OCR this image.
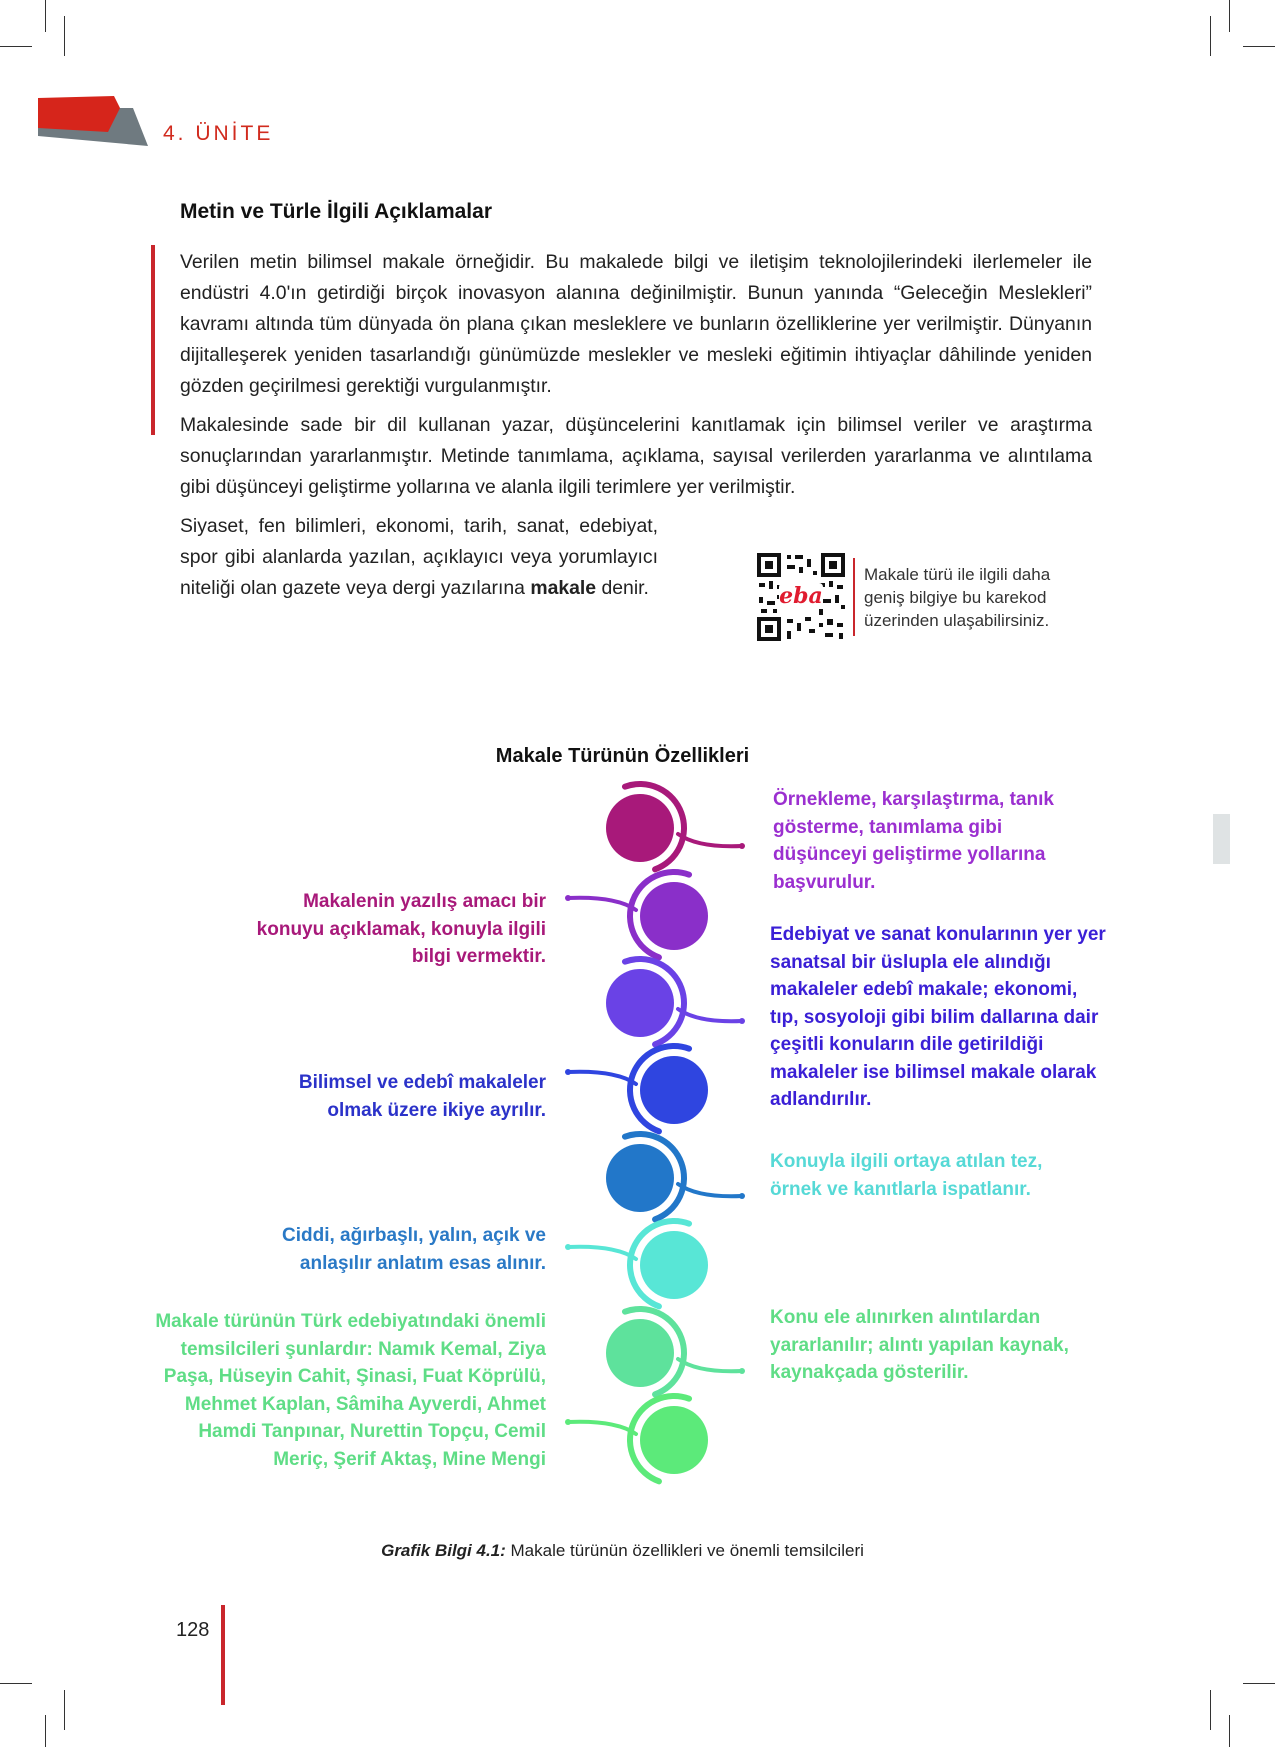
4. ÜNİTE
Metin ve Türle İlgili Açıklamalar
Verilen metin bilimsel makale örneğidir. Bu makalede bilgi ve iletişim teknolojilerindeki ilerlemeler ile endüstri 4.0'ın getirdiği birçok inovasyon alanına değinilmiştir. Bunun yanında “Geleceğin Meslekleri” kavramı altında tüm dünyada ön plana çıkan mesleklere ve bunların özelliklerine yer verilmiştir. Dünyanın dijitalleşerek yeniden tasarlandığı günümüzde meslekler ve mesleki eğitimin ihtiyaçlar dâhilinde yeniden gözden geçirilmesi gerektiği vurgulanmıştır.
Makalesinde sade bir dil kullanan yazar, düşüncelerini kanıtlamak için bilimsel veriler ve araştırma sonuçlarından yararlanmıştır. Metinde tanımlama, açıklama, sayısal verilerden yararlanma ve alıntılama gibi düşünceyi geliştirme yollarına ve alanla ilgili terimlere yer verilmiştir.
Siyaset, fen bilimleri, ekonomi, tarih, sanat, edebiyat, spor gibi alanlarda yazılan, açıklayıcı veya yorumlayıcı niteliği olan gazete veya dergi yazılarına makale denir.	eba
Makale türü ile ilgili daha geniş bilgiye bu karekod üzerinden ulaşabilirsiniz.
Makale Türünün Özellikleri
Örnekleme, karşılaştırma, tanık gösterme, tanımlama gibi düşünceyi geliştirme yollarına başvurulur.
Edebiyat ve sanat konularının yer yer sanatsal bir üslupla ele alındığı makaleler edebî makale; ekonomi, tıp, sosyoloji gibi bilim dallarına dair çeşitli konuların dile getirildiği makaleler ise bilimsel makale olarak adlandırılır.
Konuyla ilgili ortaya atılan tez, örnek ve kanıtlarla ispatlanır.
Konu ele alınırken alıntılardan yararlanılır; alıntı yapılan kaynak, kaynakçada gösterilir.
Makalenin yazılış amacı bir konuyu açıklamak, konuyla ilgili bilgi vermektir.
Bilimsel ve edebî makaleler olmak üzere ikiye ayrılır.
Ciddi, ağırbaşlı, yalın, açık ve anlaşılır anlatım esas alınır.
Makale türünün Türk edebiyatındaki önemli temsilcileri şunlardır: Namık Kemal, Ziya Paşa, Hüseyin Cahit, Şinasi, Fuat Köprülü, Mehmet Kaplan, Sâmiha Ayverdi, Ahmet Hamdi Tanpınar, Nurettin Topçu, Cemil Meriç, Şerif Aktaş, Mine Mengi
Grafik Bilgi 4.1: Makale türünün özellikleri ve önemli temsilcileri
128
